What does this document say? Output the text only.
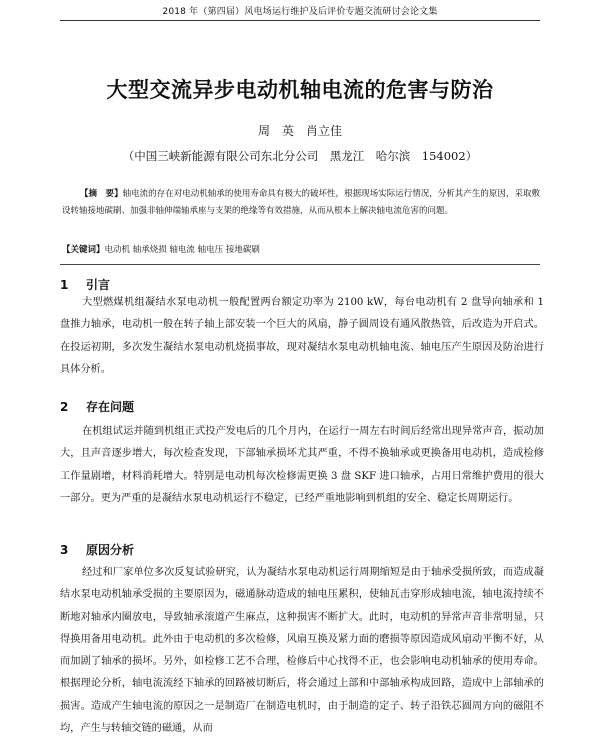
2018 年（第四届）风电场运行维护及后评价专题交流研讨会论文集
大型交流异步电动机轴电流的危害与防治
周　英　肖立佳
（中国三峡新能源有限公司东北分公司　黑龙江　哈尔滨　154002）
【摘　要】轴电流的存在对电动机轴承的使用寿命具有极大的破坏性，根据现场实际运行情况，分析其产生的原因，采取敷设转轴接地碳刷、加强非轴伸端轴承座与支架的绝缘等有效措施，从而从根本上解决轴电流危害的问题。
【关键词】电动机 轴承烧损 轴电流 轴电压 接地碳刷
1 引言
大型燃煤机组凝结水泵电动机一般配置两台额定功率为 2100 kW，每台电动机有 2 盘导向轴承和 1 盘推力轴承，电动机一般在转子轴上部安装一个巨大的风扇，静子圆周设有通风散热管，后改造为开启式。在投运初期，多次发生凝结水泵电动机烧损事故，现对凝结水泵电动机轴电流、轴电压产生原因及防治进行具体分析。
2 存在问题
在机组试运并随到机组正式投产发电后的几个月内，在运行一周左右时间后经常出现异常声音，振动加大，且声音逐步增大，每次检查发现，下部轴承损坏尤其严重，不得不换轴承或更换备用电动机，造成检修工作量剧增，材料消耗增大。特别是电动机每次检修需更换 3 盘 SKF 进口轴承，占用日常维护费用的很大一部分。更为严重的是凝结水泵电动机运行不稳定，已经严重地影响到机组的安全、稳定长周期运行。
3 原因分析
经过和厂家单位多次反复试验研究，认为凝结水泵电动机运行周期缩短是由于轴承受损所致，而造成凝结水泵电动机轴承受损的主要原因为，磁通脉动造成的轴电压累积，使轴瓦击穿形成轴电流，轴电流持续不断地对轴承内圈放电，导致轴承滚道产生麻点，这种损害不断扩大。此时，电动机的异常声音非常明显，只得换用备用电动机。此外由于电动机的多次检修，风扇互换及紧力面的磨损等原因造成风扇动平衡不好，从而加剧了轴承的损坏。另外，如检修工艺不合理，检修后中心找得不正，也会影响电动机轴承的使用寿命。根据理论分析，轴电流流经下轴承的回路被切断后，将会通过上部和中部轴承构成回路，造成中上部轴承的损害。造成产生轴电流的原因之一是制造厂在制造电机时，由于制造的定子、转子沿铁芯圆周方向的磁阻不均，产生与转轴交链的磁通，从而
